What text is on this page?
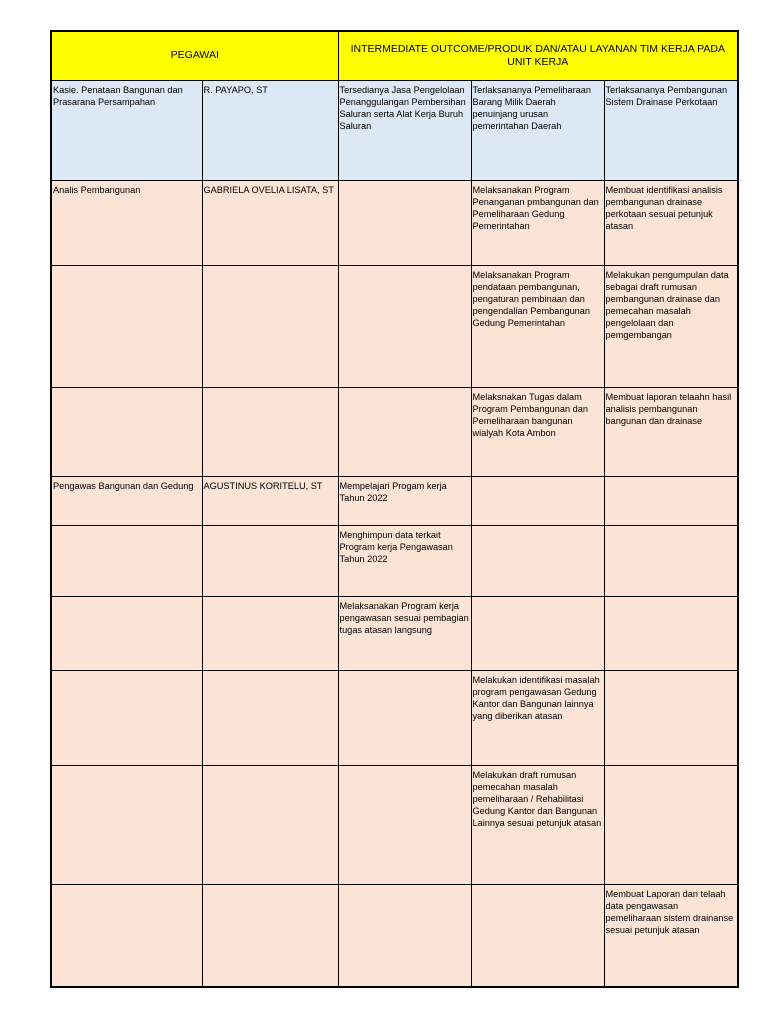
PEGAWAI		INTERMEDIATE OUTCOME/PRODUK DAN/ATAU LAYANAN TIM KERJA PADA UNIT KERJA		
Kasie. Penataan Bangunan dan Prasarana Persampahan	R. PAYAPO, ST	Tersedianya Jasa Pengelolaan Penanggulangan Pembersihan Saluran serta Alat Kerja Buruh Saluran	Terlaksananya Pemeliharaan Barang Milik Daerah penuinjang urusan pemerintahan Daerah	Terlaksananya Pembangunan Sistem Drainase Perkotaan
Analis Pembangunan	GABRIELA OVELIA LISATA, ST		Melaksanakan Program Penanganan pmbangunan dan Pemeliharaan Gedung Pemerintahan	Membuat identifikasi analisis pembangunan drainase perkotaan sesuai petunjuk atasan
			Melaksanakan Program pendataan pembangunan, pengaturan pembinaan dan pengendalian Pembangunan Gedung Pemerintahan	Melakukan pengumpulan data sebagai draft rumusan pembangunan drainase dan pemecahan masalah pengelolaan dan pemgembangan
			Melaksnakan Tugas dalam Program Pembangunan dan Pemeliharaan bangunan wialyah Kota Ambon	Membuat laporan telaahn hasil analisis pembangunan bangunan dan drainase
Pengawas Bangunan dan Gedung	AGUSTINUS KORITELU, ST	Mempelajari Progam kerja Tahun 2022		
		Menghimpun data terkait Program kerja Pengawasan Tahun 2022		
		Melaksanakan Program kerja pengawasan sesuai pembagian tugas atasan langsung		
			Melakukan identifikasi masalah program pengawasan Gedung Kantor dan Bangunan lainnya yang diberikan atasan	
			Melakukan draft rumusan pemecahan masalah pemeliharaan / Rehabilitasi Gedung Kantor dan Bangunan Lainnya sesuai petunjuk atasan	
				Membuat Laporan dan telaah data pengawasan pemeliharaan sistem drainanse sesuai petunjuk atasan
